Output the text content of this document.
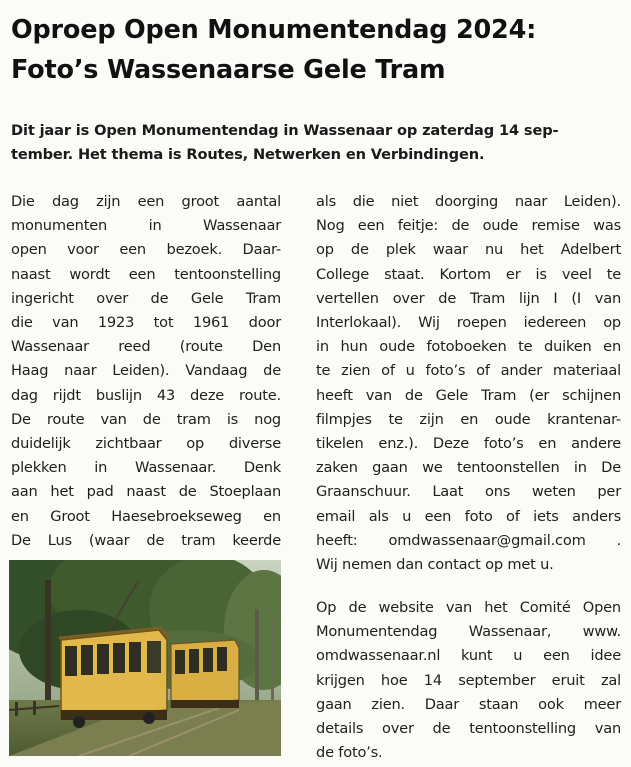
Oproep Open Monumentendag 2024:
Foto’s Wassenaarse Gele Tram
Dit jaar is Open Monumentendag in Wassenaar op zaterdag 14 sep-
tember. Het thema is Routes, Netwerken en Verbindingen.
Die dag zijn een groot aantal
monumenten in Wassenaar
open voor een bezoek. Daar-
naast wordt een tentoonstelling
ingericht over de Gele Tram
die van 1923 tot 1961 door
Wassenaar reed (route Den
Haag naar Leiden). Vandaag de
dag rijdt buslijn 43 deze route.
De route van de tram is nog
duidelijk zichtbaar op diverse
plekken in Wassenaar. Denk
aan het pad naast de Stoeplaan
en Groot Haesebroekseweg en
De Lus (waar de tram keerde
als die niet doorging naar Leiden).
Nog een feitje: de oude remise was
op de plek waar nu het Adelbert
College staat. Kortom er is veel te
vertellen over de Tram lijn I (I van
Interlokaal). Wij roepen iedereen op
in hun oude fotoboeken te duiken en
te zien of u foto’s of ander materiaal
heeft van de Gele Tram (er schijnen
filmpjes te zijn en oude krantenar-
tikelen enz.). Deze foto’s en andere
zaken gaan we tentoonstellen in De
Graanschuur. Laat ons weten per
email als u een foto of iets anders
heeft: omdwassenaar@gmail.com .
Wij nemen dan contact op met u.
Op de website van het Comité Open
Monumentendag Wassenaar, www.
omdwassenaar.nl kunt u een idee
krijgen hoe 14 september eruit zal
gaan zien. Daar staan ook meer
details over de tentoonstelling van
de foto’s.
